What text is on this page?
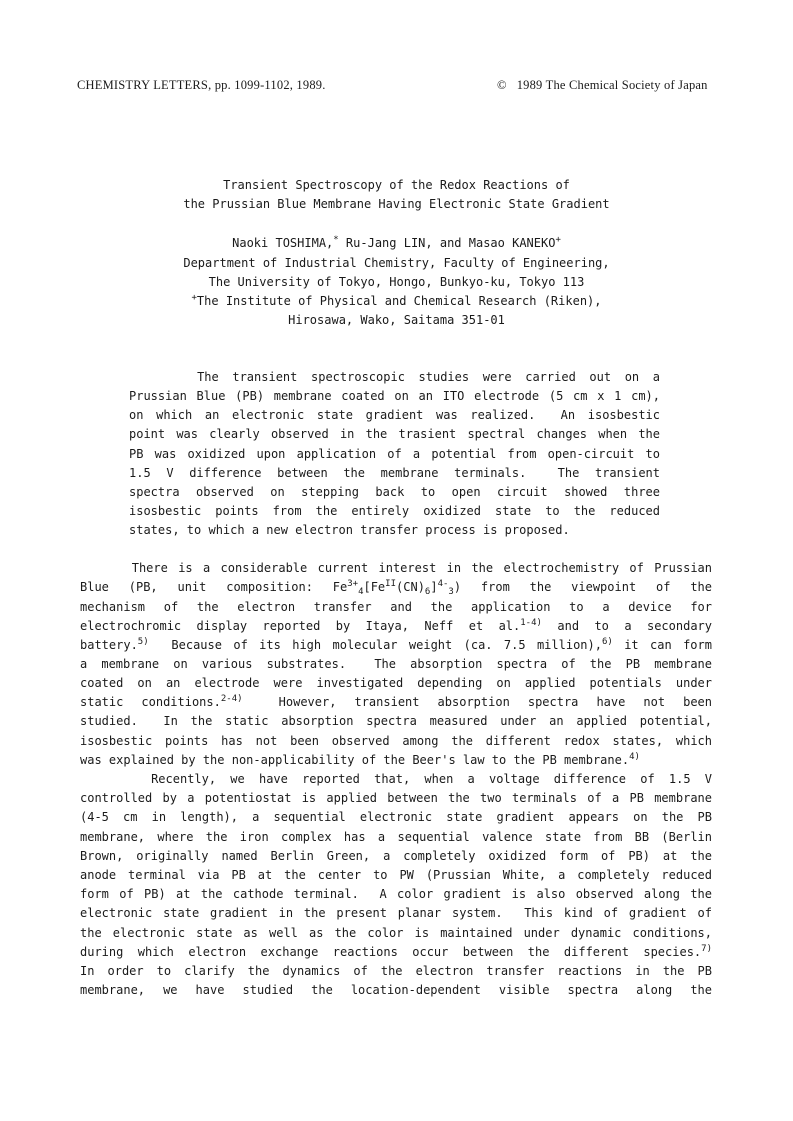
CHEMISTRY LETTERS, pp. 1099-1102, 1989.	© 1989 The Chemical Society of Japan
Transient Spectroscopy of the Redox Reactions of
the Prussian Blue Membrane Having Electronic State Gradient
Naoki TOSHIMA,* Ru-Jang LIN, and Masao KANEKO+
Department of Industrial Chemistry, Faculty of Engineering,
The University of Tokyo, Hongo, Bunkyo-ku, Tokyo 113
+The Institute of Physical and Chemical Research (Riken),
Hirosawa, Wako, Saitama 351-01
The transient spectroscopic studies were carried out on a
Prussian Blue (PB) membrane coated on an ITO electrode (5 cm x 1 cm),
on which an electronic state gradient was realized.  An isosbestic
point was clearly observed in the trasient spectral changes when the
PB was oxidized upon application of a potential from open-circuit to
1.5 V difference between the membrane terminals.  The transient
spectra observed on stepping back to open circuit showed three
isosbestic points from the entirely oxidized state to the reduced
states, to which a new electron transfer process is proposed.
There is a considerable current interest in the electrochemistry of Prussian
Blue (PB, unit composition: $Fe^{3+}_4[Fe^{II}(CN)_6]^{4-}_3$) from the viewpoint of the
mechanism of the electron transfer and the application to a device for
electrochromic display reported by Itaya, Neff et al.$^{1-4)}$ and to a secondary
battery.$^{5)}$  Because of its high molecular weight (ca. 7.5 million),$^{6)}$ it can form
a membrane on various substrates.  The absorption spectra of the PB membrane
coated on an electrode were investigated depending on applied potentials under
static conditions.$^{2-4)}$  However, transient absorption spectra have not been
studied.  In the static absorption spectra measured under an applied potential,
isosbestic points has not been observed among the different redox states, which
was explained by the non-applicability of the Beer's law to the PB membrane.$^{4)}$
Recently, we have reported that, when a voltage difference of 1.5 V
controlled by a potentiostat is applied between the two terminals of a PB membrane
(4-5 cm in length), a sequential electronic state gradient appears on the PB
membrane, where the iron complex has a sequential valence state from BB (Berlin
Brown, originally named Berlin Green, a completely oxidized form of PB) at the
anode terminal via PB at the center to PW (Prussian White, a completely reduced
form of PB) at the cathode terminal.  A color gradient is also observed along the
electronic state gradient in the present planar system.  This kind of gradient of
the electronic state as well as the color is maintained under dynamic conditions,
during which electron exchange reactions occur between the different species.$^{7)}$
In order to clarify the dynamics of the electron transfer reactions in the PB
membrane, we have studied the location-dependent visible spectra along the
